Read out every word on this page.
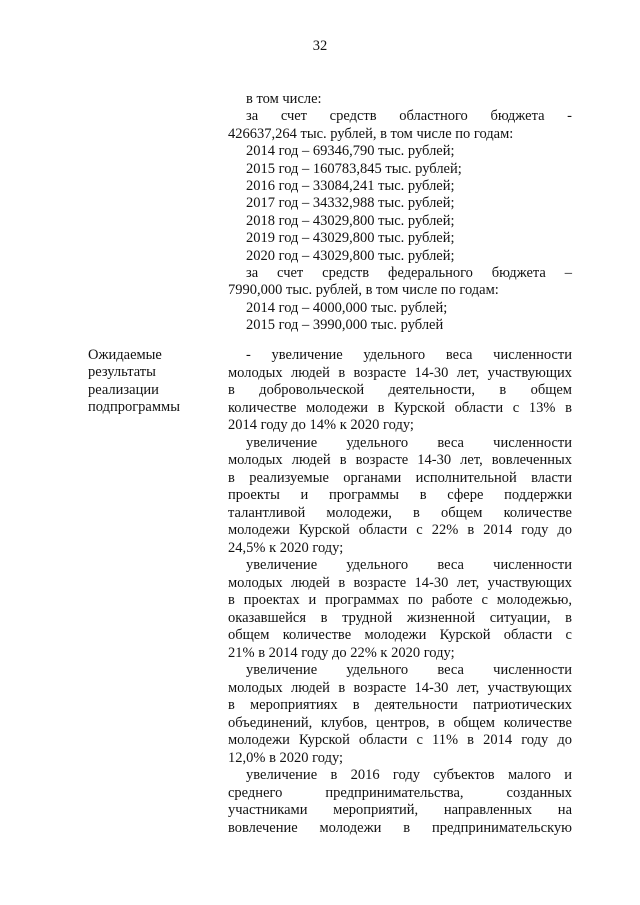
32
в том числе:
за счет средств областного бюджета -
426637,264 тыс. рублей, в том числе по годам:
2014 год – 69346,790 тыс. рублей;
2015 год – 160783,845 тыс. рублей;
2016 год – 33084,241 тыс. рублей;
2017 год – 34332,988 тыс. рублей;
2018 год – 43029,800 тыс. рублей;
2019 год – 43029,800 тыс. рублей;
2020 год – 43029,800 тыс. рублей;
за счет средств федерального бюджета –
7990,000 тыс. рублей, в том числе по годам:
2014 год – 4000,000 тыс. рублей;
2015 год – 3990,000 тыс. рублей
Ожидаемые
результаты
реализации
подпрограммы
- увеличение удельного веса численности
молодых людей в возрасте 14-30 лет, участвующих
в добровольческой деятельности, в общем
количестве молодежи в Курской области с 13% в
2014 году до 14% к 2020 году;
увеличение удельного веса численности
молодых людей в возрасте 14-30 лет, вовлеченных
в реализуемые органами исполнительной власти
проекты и программы в сфере поддержки
талантливой молодежи, в общем количестве
молодежи Курской области с 22% в 2014 году до
24,5% к 2020 году;
увеличение удельного веса численности
молодых людей в возрасте 14-30 лет, участвующих
в проектах и программах по работе с молодежью,
оказавшейся в трудной жизненной ситуации, в
общем количестве молодежи Курской области с
21% в 2014 году до 22% к 2020 году;
увеличение удельного веса численности
молодых людей в возрасте 14-30 лет, участвующих
в мероприятиях в деятельности патриотических
объединений, клубов, центров, в общем количестве
молодежи Курской области с 11% в 2014 году до
12,0% в 2020 году;
увеличение в 2016 году субъектов малого и
среднего предпринимательства, созданных
участниками мероприятий, направленных на
вовлечение молодежи в предпринимательскую
